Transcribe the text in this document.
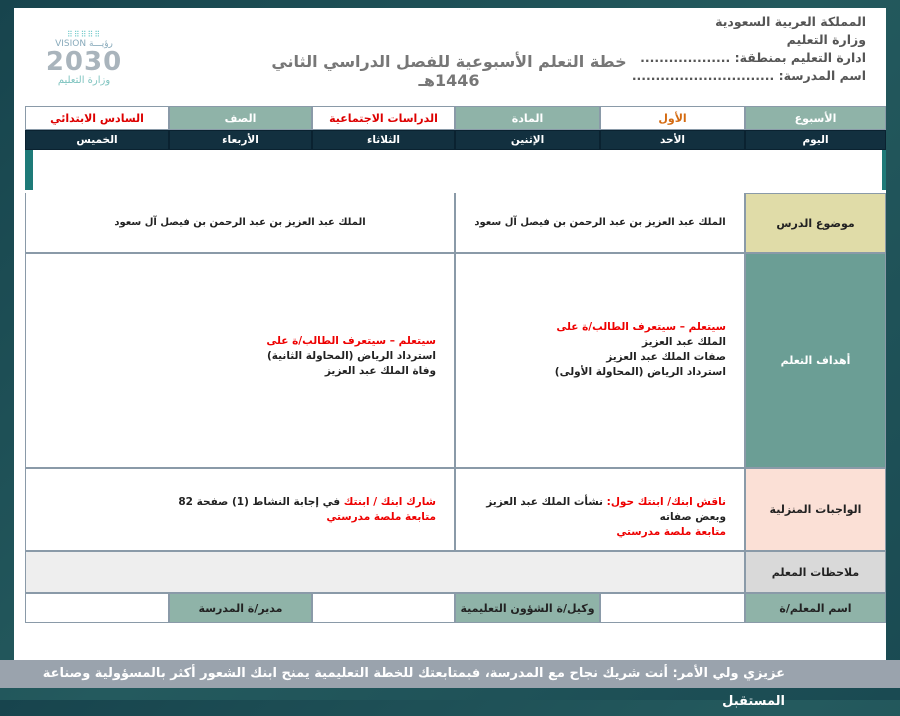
المملكة العربية السعودية
وزارة التعليم
ادارة التعليم بمنطقة: ...................
اسم المدرسة: ..............................
خطة التعلم الأسبوعية للفصل الدراسي الثاني 1446هـ
⠿⠿⠿⠿⠿
VISION رؤيـــة
2030
وزارة التعليم
الأسبوع
الأول
المادة
الدراسات الاجتماعية
الصف
السادس الابتدائي
اليوم
الأحد
الإثنين
الثلاثاء
الأربعاء
الخميس
موضوع الدرس
الملك عبد العزيز بن عبد الرحمن بن فيصل آل سعود
الملك عبد العزيز بن عبد الرحمن بن فيصل آل سعود
أهداف التعلم
سيتعلم – سيتعرف الطالب/ة على
الملك عبد العزيز
صفات الملك عبد العزيز
استرداد الرياض (المحاولة الأولى)
سيتعلم – سيتعرف الطالب/ة على
استرداد الرياض (المحاولة الثانية)
وفاة الملك عبد العزيز
الواجبات المنزلية
ناقش ابنك/ ابنتك حول: نشأت الملك عبد العزيز وبعض صفاته
متابعة ملصة مدرستي
شارك ابنك / ابنتك في إجابة النشاط (1) صفحة 82
متابعة ملصة مدرستي
ملاحظات المعلم
اسم المعلم/ة
وكيل/ة الشؤون التعليمية
مدير/ة المدرسة
عزيزي ولي الأمر: أنت شريك نجاح مع المدرسة، فبمتابعتك للخطة التعليمية يمنح ابنك الشعور أكثر بالمسؤولية وصناعة المستقبل
